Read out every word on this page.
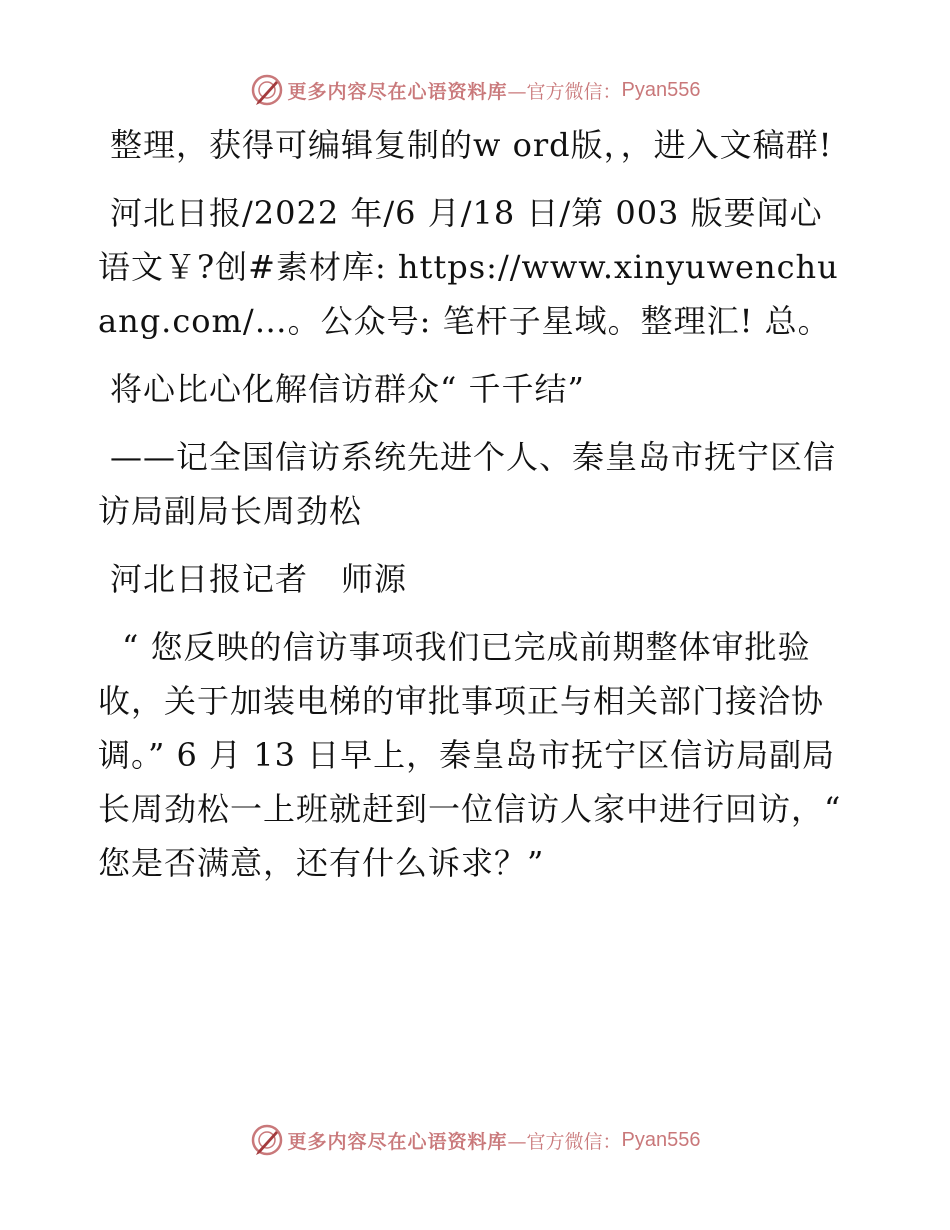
更多内容尽在心语资料库 —官方微信： Pyan556

整理，获得可编辑复制的w ord版，，进入文稿群!

河北日报/2022 年/6 月/18 日/第 003 版要闻心语文￥?创#素材库: https://www.xinyuwenchuang.com/…。公众号: 笔杆子星域。整理汇! 总。

将心比心化解信访群众“ 千千结”

——记全国信访系统先进个人、秦皇岛市抚宁区信访局副局长周劲松

河北日报记者　师源

“ 您反映的信访事项我们已完成前期整体审批验收，关于加装电梯的审批事项正与相关部门接洽协调。” 6 月 13 日早上，秦皇岛市抚宁区信访局副局长周劲松一上班就赶到一位信访人家中进行回访，“ 您是否满意，还有什么诉求？”

更多内容尽在心语资料库 —官方微信： Pyan556
